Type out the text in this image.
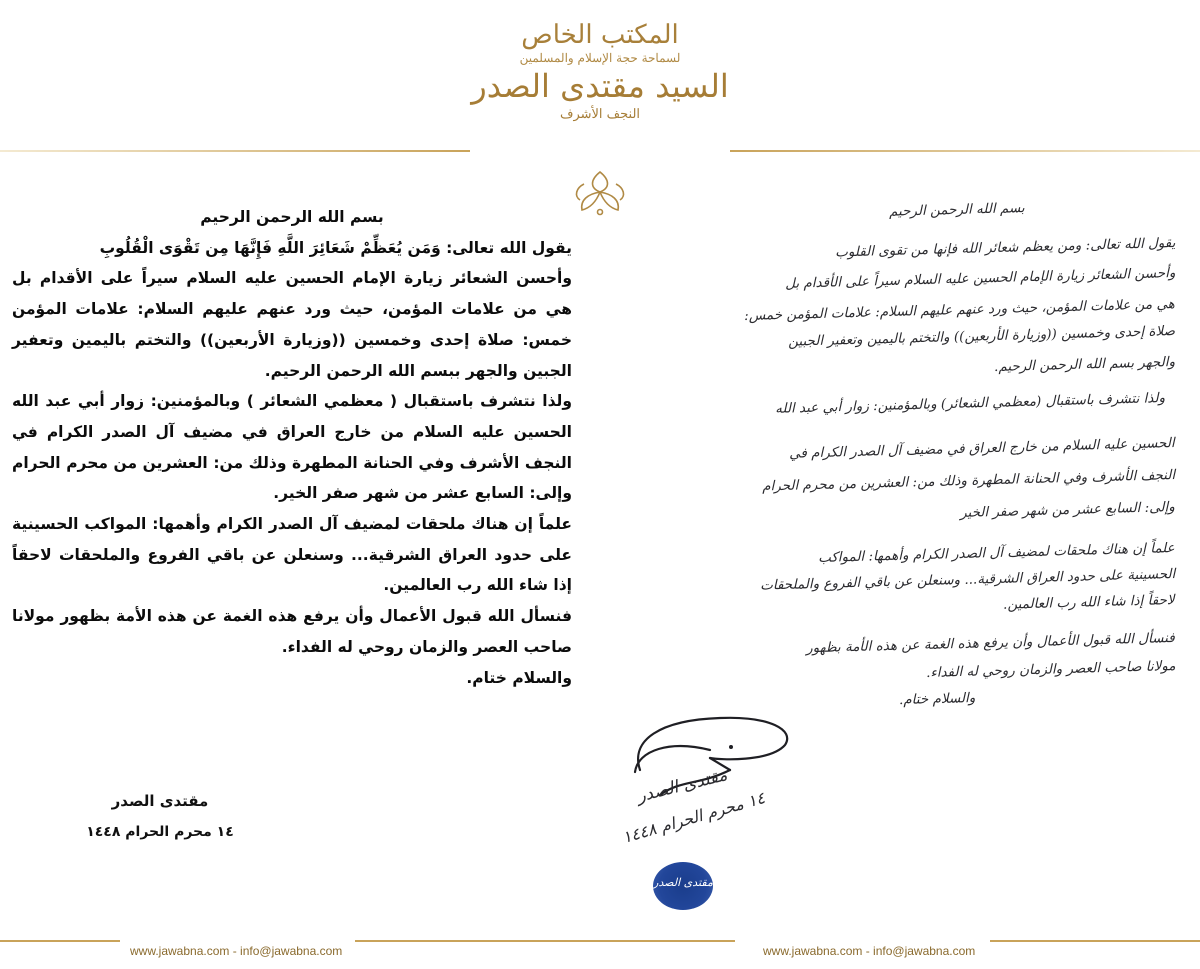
المكتب الخاص
لسماحة حجة الإسلام والمسلمين
السيد مقتدى الصدر
النجف الأشرف

بسم الله الرحمن الرحيم

يقول الله تعالى: وَمَن يُعَظِّمْ شَعَائِرَ اللَّهِ فَإِنَّهَا مِن تَقْوَى الْقُلُوبِ

وأحسن الشعائر زيارة الإمام الحسين عليه السلام سيراً على الأقدام بل هي من علامات المؤمن، حيث ورد عنهم عليهم السلام: علامات المؤمن خمس: صلاة إحدى وخمسين ((وزيارة الأربعين)) والتختم باليمين وتعفير الجبين والجهر ببسم الله الرحمن الرحيم.

ولذا نتشرف باستقبال ( معظمي الشعائر ) وبالمؤمنين: زوار أبي عبد الله الحسين عليه السلام من خارج العراق في مضيف آل الصدر الكرام في النجف الأشرف وفي الحنانة المطهرة وذلك من: العشرين من محرم الحرام وإلى: السابع عشر من شهر صفر الخير.

علماً إن هناك ملحقات لمضيف آل الصدر الكرام وأهمها: المواكب الحسينية على حدود العراق الشرقية... وسنعلن عن باقي الفروع والملحقات لاحقاً إذا شاء الله رب العالمين.

فنسأل الله قبول الأعمال وأن يرفع هذه الغمة عن هذه الأمة بظهور مولانا صاحب العصر والزمان روحي له الفداء.

والسلام ختام.

مقتدى الصدر
١٤ محرم الحرام ١٤٤٨
بسم الله الرحمن الرحيم
يقول الله تعالى: ومن يعظم شعائر الله فإنها من تقوى القلوب
وأحسن الشعائر زيارة الإمام الحسين عليه السلام سيراً على الأقدام بل
هي من علامات المؤمن، حيث ورد عنهم عليهم السلام: علامات المؤمن خمس:
صلاة إحدى وخمسين ((وزيارة الأربعين)) والتختم باليمين وتعفير الجبين
والجهر بسم الله الرحمن الرحيم.
ولذا نتشرف باستقبال (معظمي الشعائر) وبالمؤمنين: زوار أبي عبد الله
الحسين عليه السلام من خارج العراق في مضيف آل الصدر الكرام في
النجف الأشرف وفي الحنانة المطهرة وذلك من: العشرين من محرم الحرام
وإلى: السابع عشر من شهر صفر الخير
علماً إن هناك ملحقات لمضيف آل الصدر الكرام وأهمها: المواكب
الحسينية على حدود العراق الشرقية... وسنعلن عن باقي الفروع والملحقات
لاحقاً إذا شاء الله رب العالمين.
فنسأل الله قبول الأعمال وأن يرفع هذه الغمة عن هذه الأمة بظهور
مولانا صاحب العصر والزمان روحي له الفداء.
والسلام ختام.
مقتدى الصدر
١٤ محرم الحرام ١٤٤٨
مقتدى الصدر
www.jawabna.com - info@jawabna.com	www.jawabna.com - info@jawabna.com
